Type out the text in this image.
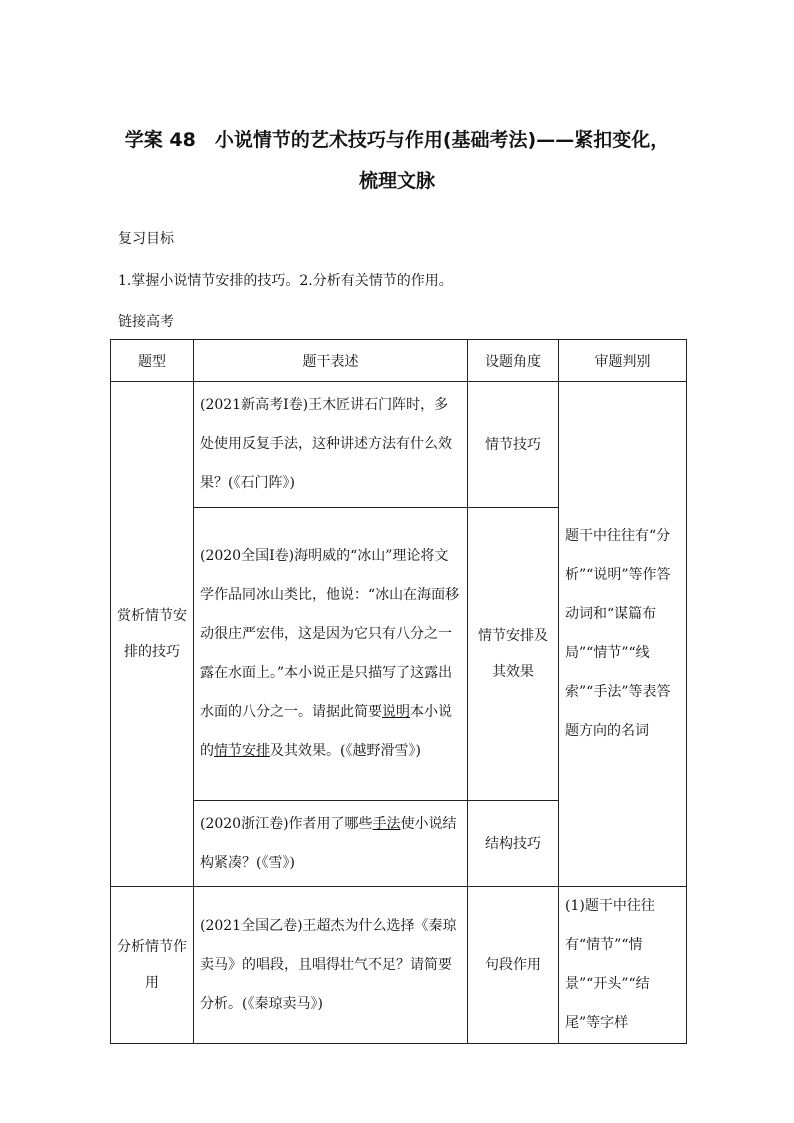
学案 48　小说情节的艺术技巧与作用(基础考法)——紧扣变化，
梳理文脉
复习目标
1.掌握小说情节安排的技巧。2.分析有关情节的作用。
链接高考
题型	题干表述	设题角度	审题判别
赏析情节安排的技巧	(2021新高考Ⅰ卷)王木匠讲石门阵时，多处使用反复手法，这种讲述方法有什么效果？(《石门阵》)	情节技巧	题干中往往有“分析”“说明”等作答动词和“谋篇布局”“情节”“线索”“手法”等表答题方向的名词
	(2020全国Ⅰ卷)海明威的“冰山”理论将文学作品同冰山类比，他说：“冰山在海面移动很庄严宏伟，这是因为它只有八分之一露在水面上。”本小说正是只描写了这露出水面的八分之一。请据此简要说明本小说的情节安排及其效果。(《越野滑雪》)	情节安排及其效果	
	(2020浙江卷)作者用了哪些手法使小说结构紧凑？(《雪》)	结构技巧	
分析情节作用	(2021全国乙卷)王超杰为什么选择《秦琼卖马》的唱段，且唱得壮气不足？请简要分析。(《秦琼卖马》)	句段作用	(1)题干中往往有“情节”“情景”“开头”“结尾”等字样
